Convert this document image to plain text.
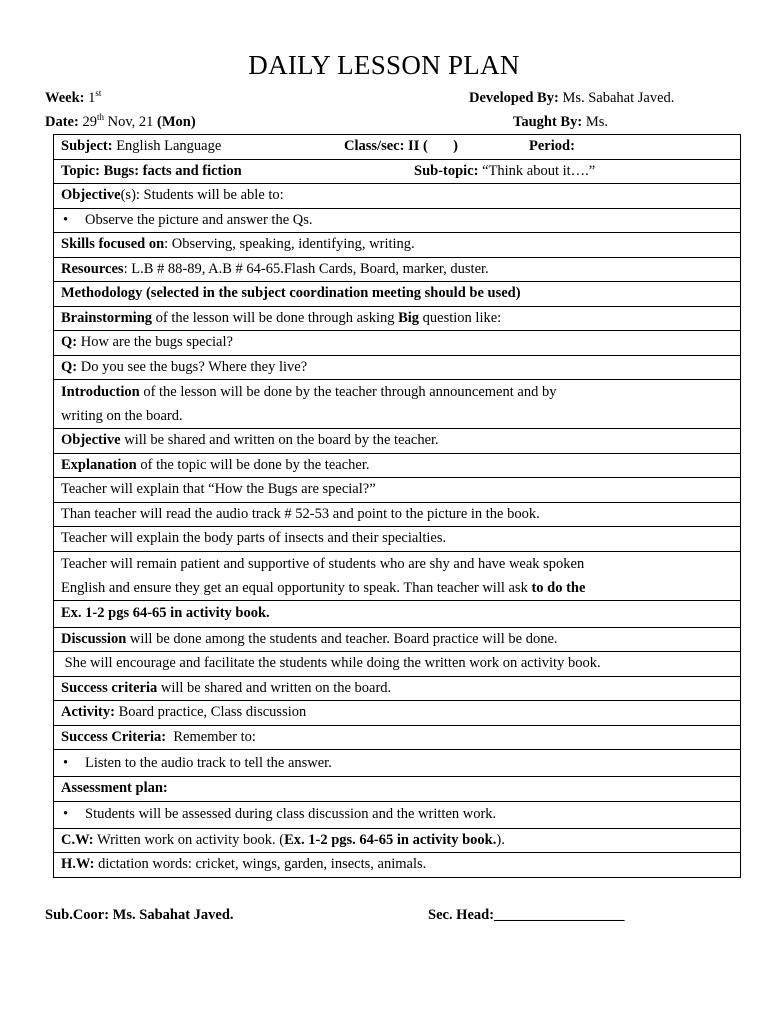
DAILY LESSON PLAN
Week: 1st	Developed By: Ms. Sabahat Javed.
Date: 29th Nov, 21 (Mon)	Taught By: Ms.
Subject: English Language	Class/sec: II (       )	Period:

Topic: Bugs: facts and fiction	Sub-topic: “Think about it….”

Objective(s): Students will be able to:
• Observe the picture and answer the Qs.
Skills focused on: Observing, speaking, identifying, writing.
Resources: L.B # 88-89, A.B # 64-65.Flash Cards, Board, marker, duster.
Methodology (selected in the subject coordination meeting should be used)
Brainstorming of the lesson will be done through asking Big question like:
Q: How are the bugs special?
Q: Do you see the bugs? Where they live?

Introduction of the lesson will be done by the teacher through announcement and by
writing on the board.

Objective will be shared and written on the board by the teacher.
Explanation of the topic will be done by the teacher.
Teacher will explain that “How the Bugs are special?”
Than teacher will read the audio track # 52-53 and point to the picture in the book.
Teacher will explain the body parts of insects and their specialties.

Teacher will remain patient and supportive of students who are shy and have weak spoken
English and ensure they get an equal opportunity to speak. Than teacher will ask to do the

Ex. 1-2 pgs 64-65 in activity book.
Discussion will be done among the students and teacher. Board practice will be done.
She will encourage and facilitate the students while doing the written work on activity book.
Success criteria will be shared and written on the board.
Activity: Board practice, Class discussion
Success Criteria:  Remember to:
• Listen to the audio track to tell the answer.
Assessment plan:
• Students will be assessed during class discussion and the written work.
C.W: Written work on activity book. (Ex. 1-2 pgs. 64-65 in activity book.).
H.W: dictation words: cricket, wings, garden, insects, animals.
Sub.Coor: Ms. Sabahat Javed.	Sec. Head:__________________
